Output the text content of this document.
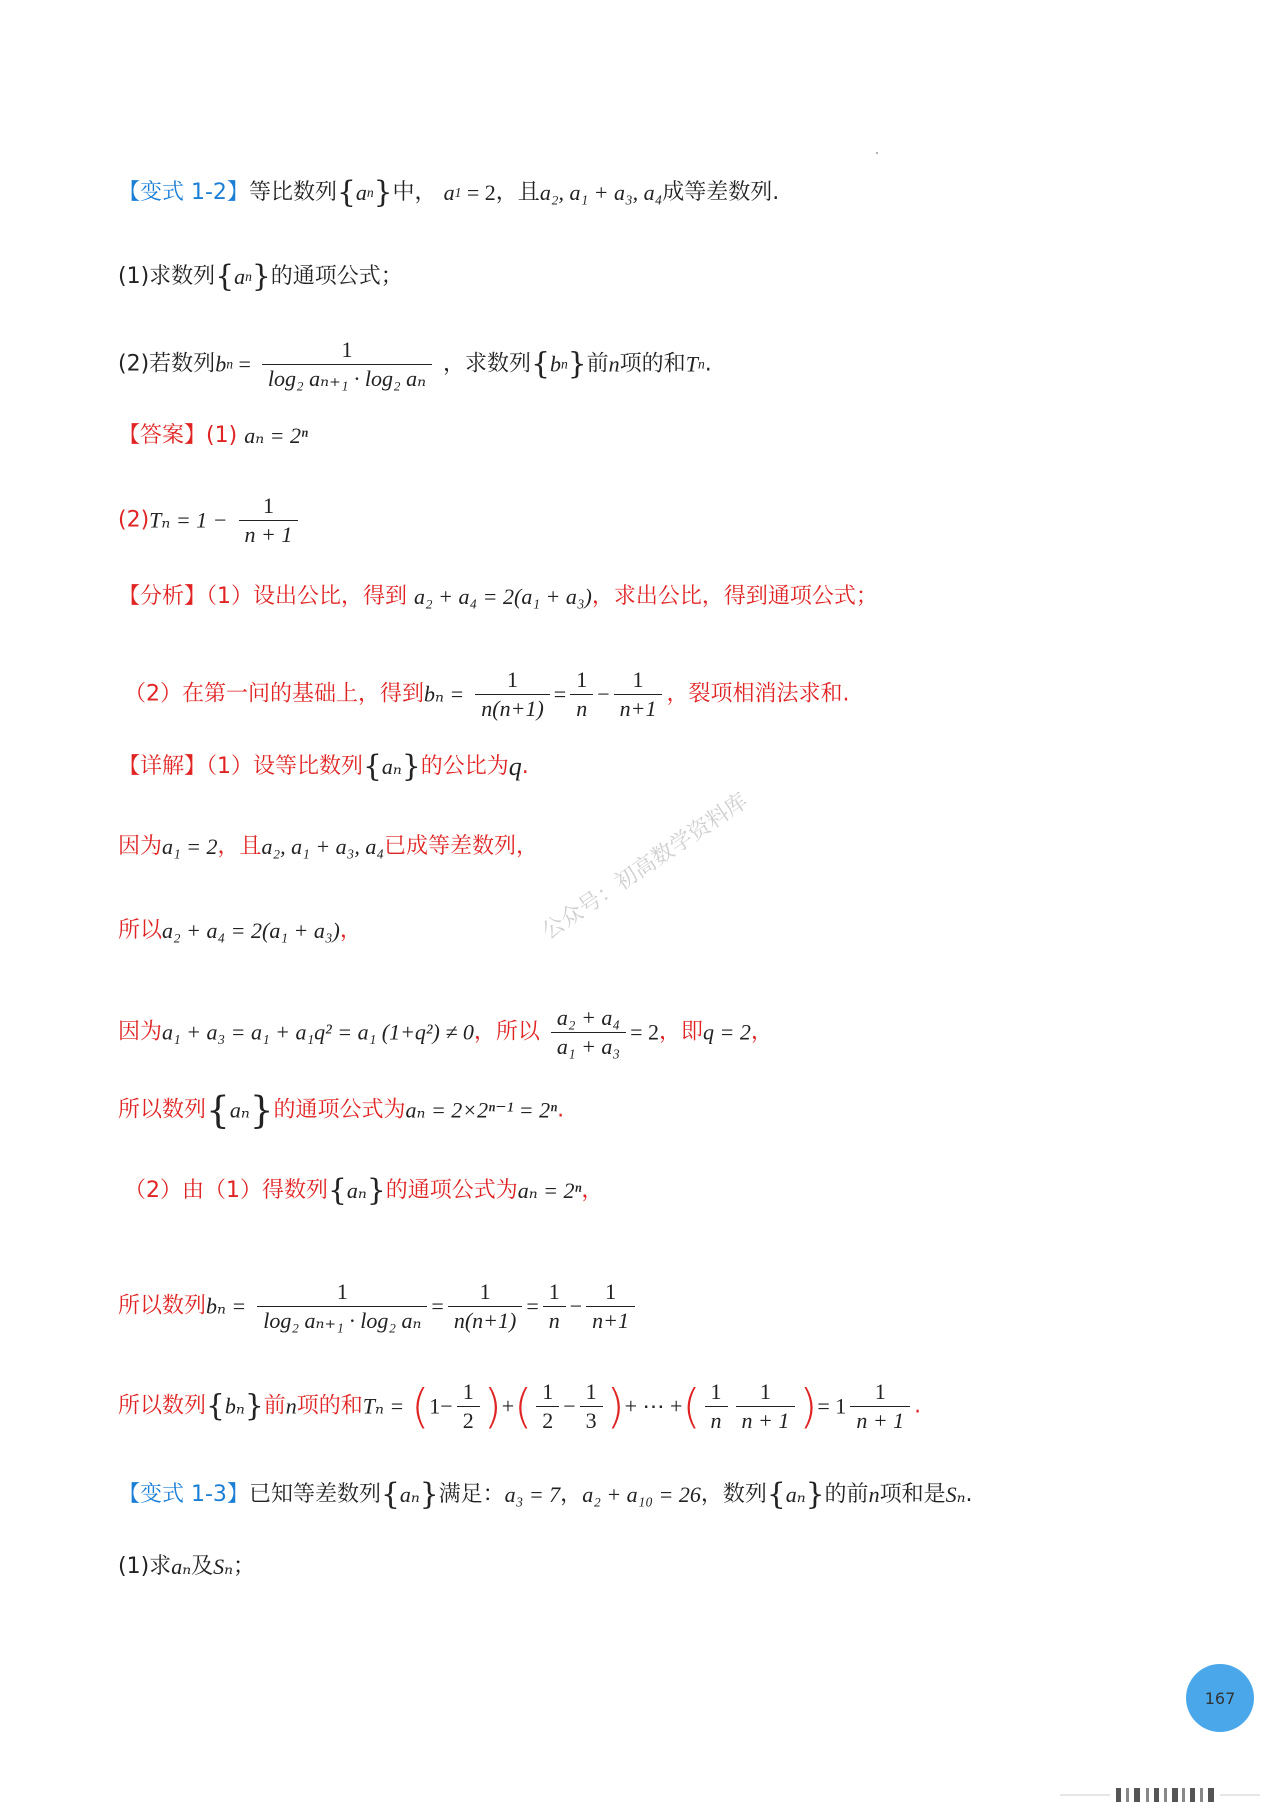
【变式 1-2】等比数列{an}中， a1 = 2，且a₂, a₁ + a₃, a₄成等差数列.
(1)求数列{an}的通项公式；
(2)若数列bn = $\frac{1}{\text{log₂ aₙ₊₁ · log₂ aₙ}}$ ，求数列{bn}前n项的和Tn.
【答案】(1) aₙ = 2ⁿ
$(2)T_n = 1 - \frac{1}{n + 1}$
【分析】（1）设出公比，得到 a₂ + a₄ = 2(a₁ + a₃)，求出公比，得到通项公式；
（2）在第一问的基础上，得到$b_n = \frac{1}{n(n+1)} = \frac{1}{n} - \frac{1}{n+1}$ ，裂项相消法求和.
【详解】（1）设等比数列{aₙ}的公比为q.
因为a₁ = 2，且a₂, a₁ + a₃, a₄已成等差数列，
所以a₂ + a₄ = 2(a₁ + a₃)，
因为a₁ + a₃ = a₁ + a₁q² = a₁ (1+q²) ≠ 0，所以 $\frac{\text{a₂ + a₄}}{\text{a₁ + a₃}} = 2$，即q = 2，
所以数列{aₙ}的通项公式为aₙ = 2×2ⁿ⁻¹ = 2ⁿ.
（2）由（1）得数列{aₙ}的通项公式为aₙ = 2ⁿ，
所以数列$b_n = \frac{1}{\text{log₂ aₙ₊₁ · log₂ aₙ}} = \frac{1}{n(n+1)} = \frac{1}{n} - \frac{1}{n+1}$
所以数列{bₙ}前n项的和$T_n = (1- \frac{1}{2}$ )+( $\frac{1}{2} - \frac{1}{3}$ )+ ⋯ +( $\frac{1}{n} \frac{1}{n + 1}$ )= $1 \frac{1}{n + 1}$ .
【变式 1-3】已知等差数列{aₙ}满足：a₃ = 7，a₂ + a₁₀ = 26，数列{aₙ}的前n项和是Sₙ.
(1)求aₙ及Sₙ；
公众号：初高数学资料库
167
